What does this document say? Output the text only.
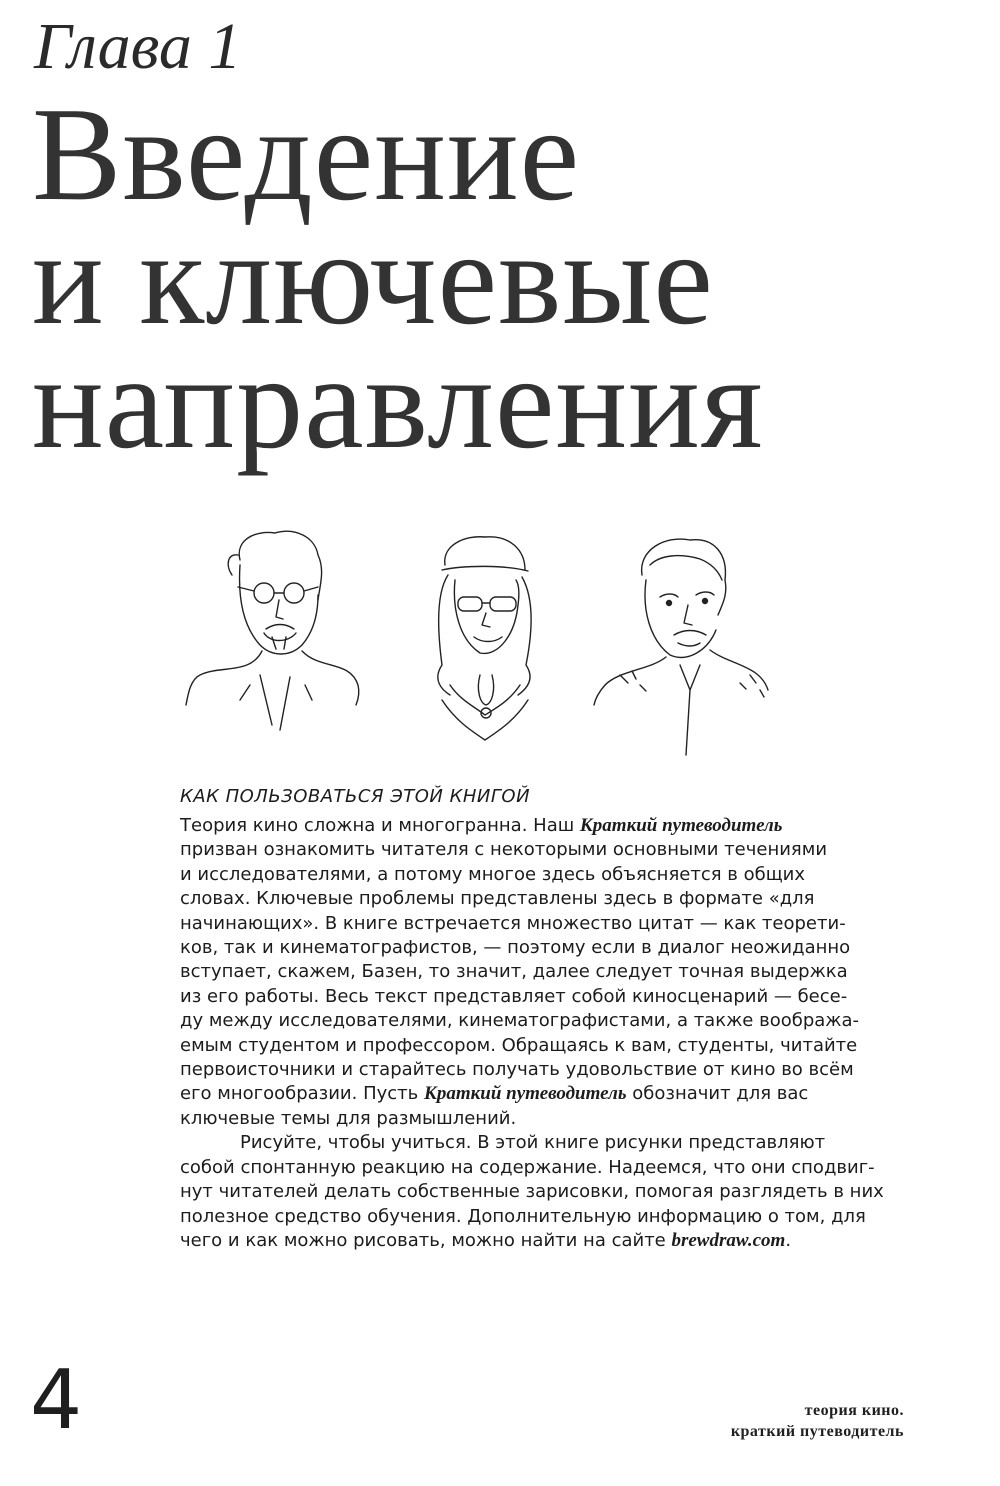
Глава 1
Введение
и ключевые
направления
КАК ПОЛЬЗОВАТЬСЯ ЭТОЙ КНИГОЙ

Теория кино сложна и многогранна. Наш Краткий путеводитель
призван ознакомить читателя с некоторыми основными течениями
и исследователями, а потому многое здесь объясняется в общих
словах. Ключевые проблемы представлены здесь в формате «для
начинающих». В книге встречается множество цитат — как теорети-
ков, так и кинематографистов, — поэтому если в диалог неожиданно
вступает, скажем, Базен, то значит, далее следует точная выдержка
из его работы. Весь текст представляет собой киносценарий — бесе-
ду между исследователями, кинематографистами, а также вообража-
емым студентом и профессором. Обращаясь к вам, студенты, читайте
первоисточники и старайтесь получать удовольствие от кино во всём
его многообразии. Пусть Краткий путеводитель обозначит для вас
ключевые темы для размышлений.

Рисуйте, чтобы учиться. В этой книге рисунки представляют
собой спонтанную реакцию на содержание. Надеемся, что они сподвиг-
нут читателей делать собственные зарисовки, помогая разглядеть в них
полезное средство обучения. Дополнительную информацию о том, для
чего и как можно рисовать, можно найти на сайте brewdraw.com.

4	теория кино.
краткий путеводитель
